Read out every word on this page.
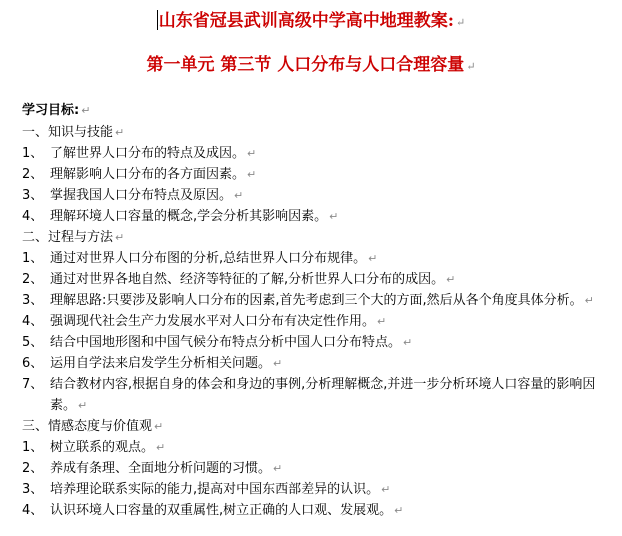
山东省冠县武训高级中学高中地理教案: ↵
第一单元 第三节 人口分布与人口合理容量 ↵
学习目标: ↵
一、知识与技能 ↵
1、 了解世界人口分布的特点及成因。 ↵
2、 理解影响人口分布的各方面因素。 ↵
3、 掌握我国人口分布特点及原因。 ↵
4、 理解环境人口容量的概念,学会分析其影响因素。 ↵
二、过程与方法 ↵
1、 通过对世界人口分布图的分析,总结世界人口分布规律。 ↵
2、 通过对世界各地自然、经济等特征的了解,分析世界人口分布的成因。 ↵
3、 理解思路:只要涉及影响人口分布的因素,首先考虑到三个大的方面,然后从各个角度具体分析。 ↵
4、 强调现代社会生产力发展水平对人口分布有决定性作用。 ↵
5、 结合中国地形图和中国气候分布特点分析中国人口分布特点。 ↵
6、 运用自学法来启发学生分析相关问题。 ↵
7、 结合教材内容,根据自身的体会和身边的事例,分析理解概念,并进一步分析环境人口容量的影响因素。 ↵
三、情感态度与价值观 ↵
1、 树立联系的观点。 ↵
2、 养成有条理、全面地分析问题的习惯。 ↵
3、 培养理论联系实际的能力,提高对中国东西部差异的认识。 ↵
4、 认识环境人口容量的双重属性,树立正确的人口观、发展观。 ↵
